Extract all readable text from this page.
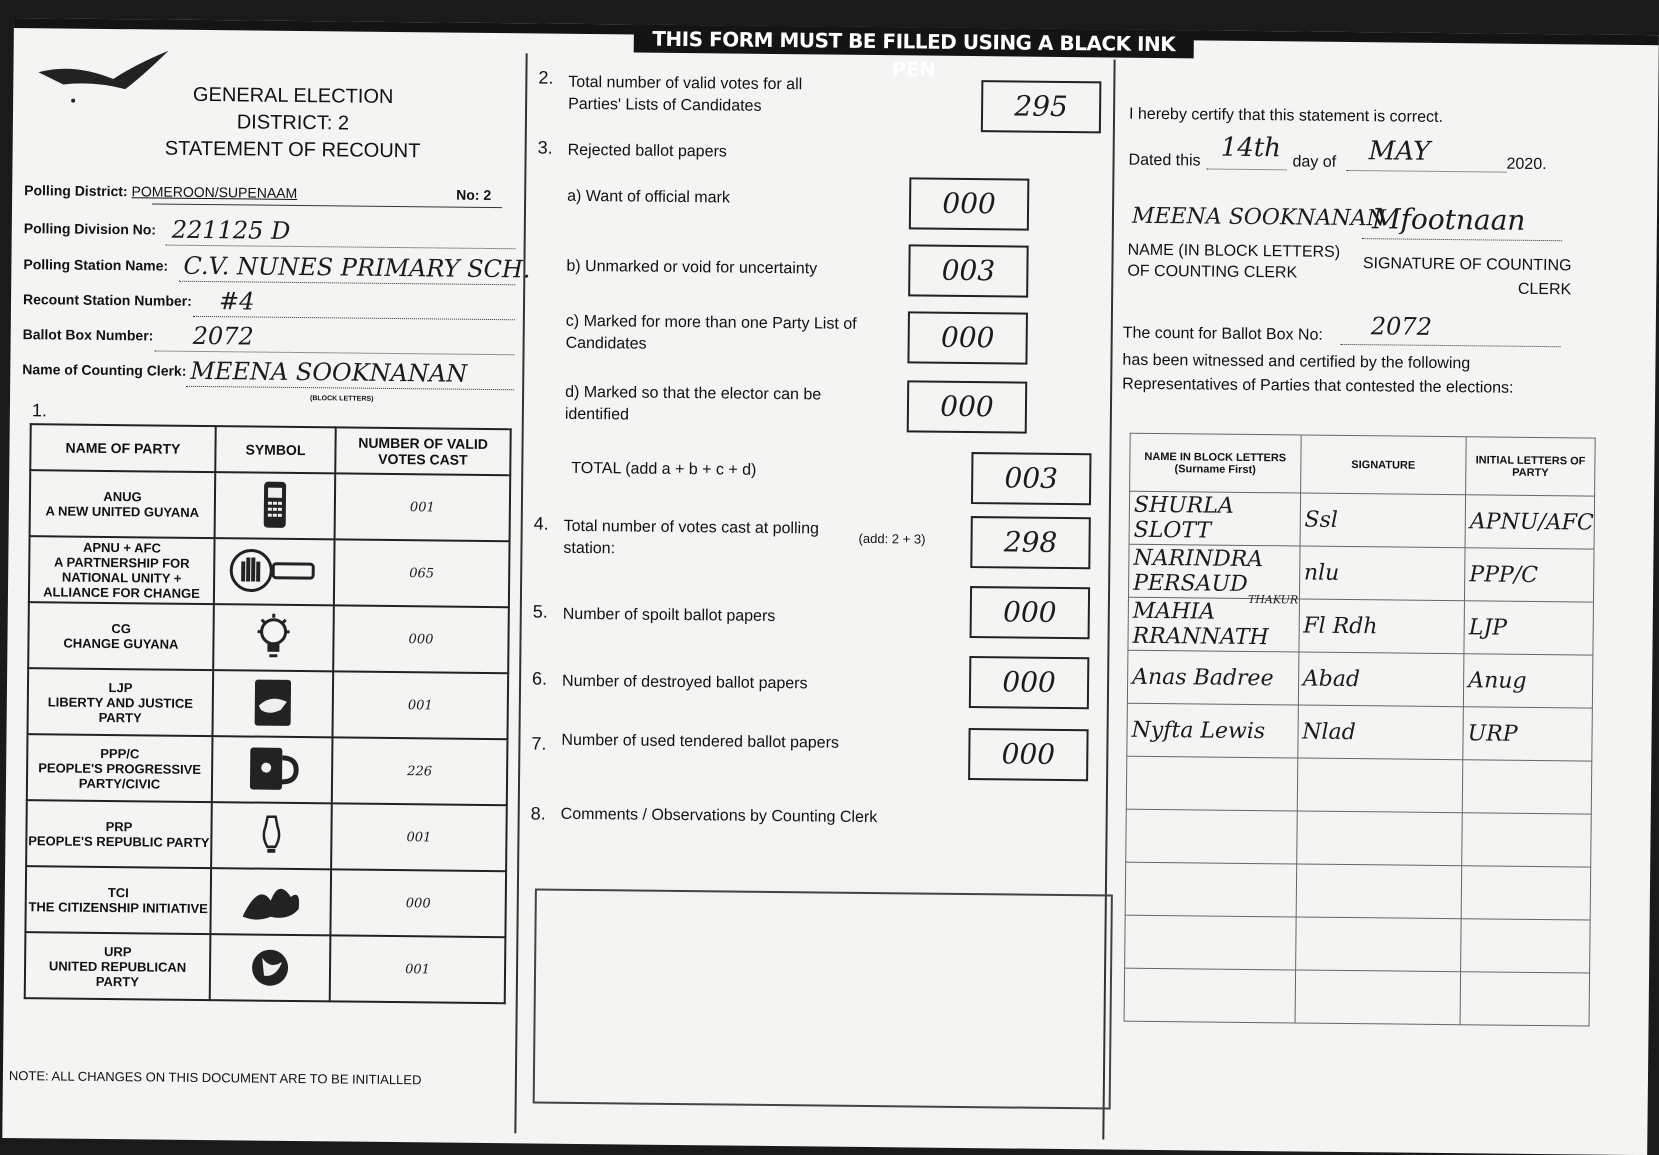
THIS FORM MUST BE FILLED USING A BLACK INK PEN
GENERAL ELECTION
DISTRICT: 2
STATEMENT OF RECOUNT
Polling District: POMEROON/SUPENAAM	No: 2
Polling Division No: 221125 D
Polling Station Name: C.V. NUNES PRIMARY SCH.
Recount Station Number: #4
Ballot Box Number: 2072
Name of Counting Clerk: MEENA SOOKNANAN
(BLOCK LETTERS)
1.
NAME OF PARTY	SYMBOL	NUMBER OF VALID VOTES CAST

ANUG
A NEW UNITED GUYANA		001

APNU + AFC
A PARTNERSHIP FOR NATIONAL UNITY + ALLIANCE FOR CHANGE		065

CG
CHANGE GUYANA		000

LJP
LIBERTY AND JUSTICE PARTY		001

PPP/C
PEOPLE'S PROGRESSIVE PARTY/CIVIC		226

PRP
PEOPLE'S REPUBLIC PARTY		001

TCI
THE CITIZENSHIP INITIATIVE		000

URP
UNITED REPUBLICAN PARTY		001
NOTE: ALL CHANGES ON THIS DOCUMENT ARE TO BE INITIALLED
2. Total number of valid votes for all Parties' Lists of Candidates	295
3. Rejected ballot papers
a) Want of official mark	000
b) Unmarked or void for uncertainty	003
c) Marked for more than one Party List of Candidates	000
d) Marked so that the elector can be identified	000
TOTAL (add a + b + c + d)	003
4. Total number of votes cast at polling station:
(add: 2 + 3)	298
5. Number of spoilt ballot papers	000
6. Number of destroyed ballot papers	000
7. Number of used tendered ballot papers	000
8. Comments / Observations by Counting Clerk
I hereby certify that this statement is correct.
Dated this 14th day of MAY	2020.
MEENA SOOKNANAN
Mfootnaan
NAME (IN BLOCK LETTERS) OF COUNTING CLERK	SIGNATURE OF COUNTING CLERK
The count for Ballot Box No: 2072
has been witnessed and certified by the following
Representatives of Parties that contested the elections:
NAME IN BLOCK LETTERS (Surname First)	SIGNATURE	INITIAL LETTERS OF PARTY
SHURLA SLOTT	Ssl	APNU/AFC
NARINDRA PERSAUD	nlu	PPP/C
MAHIA RRANNATH	Fl Rdh	LJP
Anas Badree	Abad	Anug
Nyfta Lewis	Nlad	URP

THAKUR
